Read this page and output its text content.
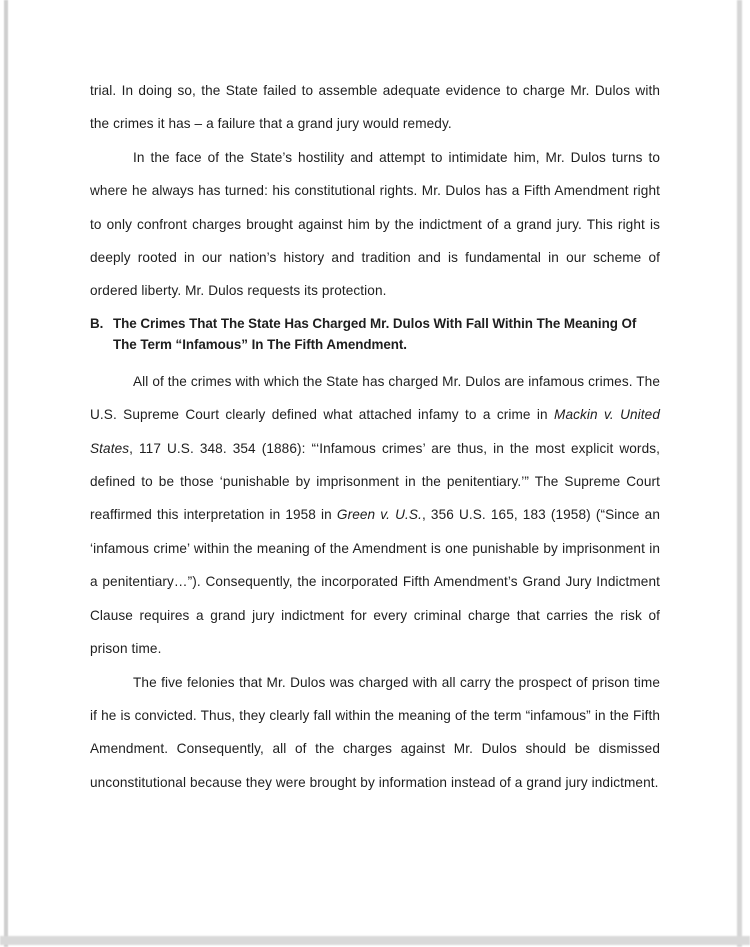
trial. In doing so, the State failed to assemble adequate evidence to charge Mr. Dulos with the crimes it has – a failure that a grand jury would remedy.

In the face of the State’s hostility and attempt to intimidate him, Mr. Dulos turns to where he always has turned: his constitutional rights. Mr. Dulos has a Fifth Amendment right to only confront charges brought against him by the indictment of a grand jury. This right is deeply rooted in our nation’s history and tradition and is fundamental in our scheme of ordered liberty. Mr. Dulos requests its protection.

B. The Crimes That The State Has Charged Mr. Dulos With Fall Within The Meaning Of The Term “Infamous” In The Fifth Amendment.

All of the crimes with which the State has charged Mr. Dulos are infamous crimes. The U.S. Supreme Court clearly defined what attached infamy to a crime in Mackin v. United States, 117 U.S. 348. 354 (1886): “‘Infamous crimes’ are thus, in the most explicit words, defined to be those ‘punishable by imprisonment in the penitentiary.’” The Supreme Court reaffirmed this interpretation in 1958 in Green v. U.S., 356 U.S. 165, 183 (1958) (“Since an ‘infamous crime’ within the meaning of the Amendment is one punishable by imprisonment in a penitentiary…”). Consequently, the incorporated Fifth Amendment’s Grand Jury Indictment Clause requires a grand jury indictment for every criminal charge that carries the risk of prison time.

The five felonies that Mr. Dulos was charged with all carry the prospect of prison time if he is convicted. Thus, they clearly fall within the meaning of the term “infamous” in the Fifth Amendment. Consequently, all of the charges against Mr. Dulos should be dismissed unconstitutional because they were brought by information instead of a grand jury indictment.
